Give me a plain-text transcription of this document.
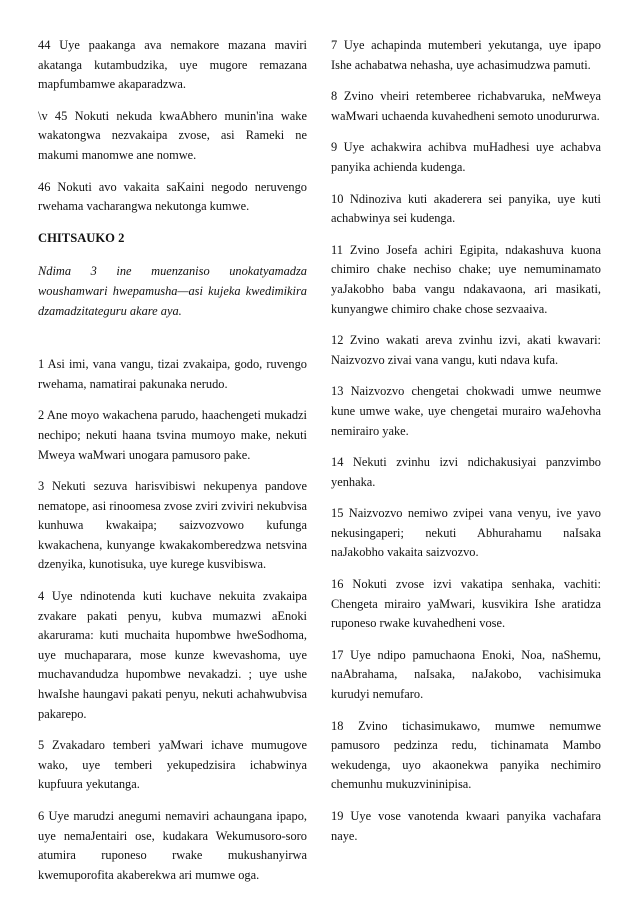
44 Uye paakanga ava nemakore mazana maviri akatanga kutambudzika, uye mugore remazana mapfumbamwe akaparadzwa.

\v 45 Nokuti nekuda kwaAbhero munin'ina wake wakatongwa nezvakaipa zvose, asi Rameki ne makumi manomwe ane nomwe.

46 Nokuti avo vakaita saKaini negodo neruvengo rwehama vacharangwa nekutonga kumwe.

CHITSAUKO 2

Ndima 3 ine muenzaniso unokatyamadza woushamwari hwepamusha—asi kujeka kwedimikira dzamadzitateguru akare aya.

1 Asi imi, vana vangu, tizai zvakaipa, godo, ruvengo rwehama, namatirai pakunaka nerudo.

2 Ane moyo wakachena parudo, haachengeti mukadzi nechipo; nekuti haana tsvina mumoyo make, nekuti Mweya waMwari unogara pamusoro pake.

3 Nekuti sezuva harisvibiswi nekupenya pandove nematope, asi rinoomesa zvose zviri zviviri nekubvisa kunhuwa kwakaipa; saizvozvowo kufunga kwakachena, kunyange kwakakomberedzwa netsvina dzenyika, kunotisuka, uye kurege kusvibiswa.

4 Uye ndinotenda kuti kuchave nekuita zvakaipa zvakare pakati penyu, kubva mumazwi aEnoki akarurama: kuti muchaita hupombwe hweSodhoma, uye muchaparara, mose kunze kwevashoma, uye muchavandudza hupombwe nevakadzi. ; uye ushe hwaIshe haungavi pakati penyu, nekuti achahwubvisa pakarepo.

5 Zvakadaro temberi yaMwari ichave mumugove wako, uye temberi yekupedzisira ichabwinya kupfuura yekutanga.

6 Uye marudzi anegumi nemaviri achaungana ipapo, uye nemaJentairi ose, kudakara Wekumusoro-soro atumira ruponeso rwake mukushanyirwa kwemuporofita akaberekwa ari mumwe oga.

7 Uye achapinda mutemberi yekutanga, uye ipapo Ishe achabatwa nehasha, uye achasimudzwa pamuti.

8 Zvino vheiri retemberee richabvaruka, neMweya waMwari uchaenda kuvahedheni semoto unodururwa.

9 Uye achakwira achibva muHadhesi uye achabva panyika achienda kudenga.

10 Ndinoziva kuti akaderera sei panyika, uye kuti achabwinya sei kudenga.

11 Zvino Josefa achiri Egipita, ndakashuva kuona chimiro chake nechiso chake; uye nemuminamato yaJakobho baba vangu ndakavaona, ari masikati, kunyangwe chimiro chake chose sezvaaiva.

12 Zvino wakati areva zvinhu izvi, akati kwavari: Naizvozvo zivai vana vangu, kuti ndava kufa.

13 Naizvozvo chengetai chokwadi umwe neumwe kune umwe wake, uye chengetai murairo waJehovha nemirairo yake.

14 Nekuti zvinhu izvi ndichakusiyai panzvimbo yenhaka.

15 Naizvozvo nemiwo zvipei vana venyu, ive yavo nekusingaperi; nekuti Abhurahamu naIsaka naJakobho vakaita saizvozvo.

16 Nokuti zvose izvi vakatipa senhaka, vachiti: Chengeta mirairo yaMwari, kusvikira Ishe aratidza ruponeso rwake kuvahedheni vose.

17 Uye ndipo pamuchaona Enoki, Noa, naShemu, naAbrahama, naIsaka, naJakobo, vachisimuka kurudyi nemufaro.

18 Zvino tichasimukawo, mumwe nemumwe pamusoro pedzinza redu, tichinamata Mambo wekudenga, uyo akaonekwa panyika nechimiro chemunhu mukuzvininipisa.

19 Uye vose vanotenda kwaari panyika vachafara naye.
